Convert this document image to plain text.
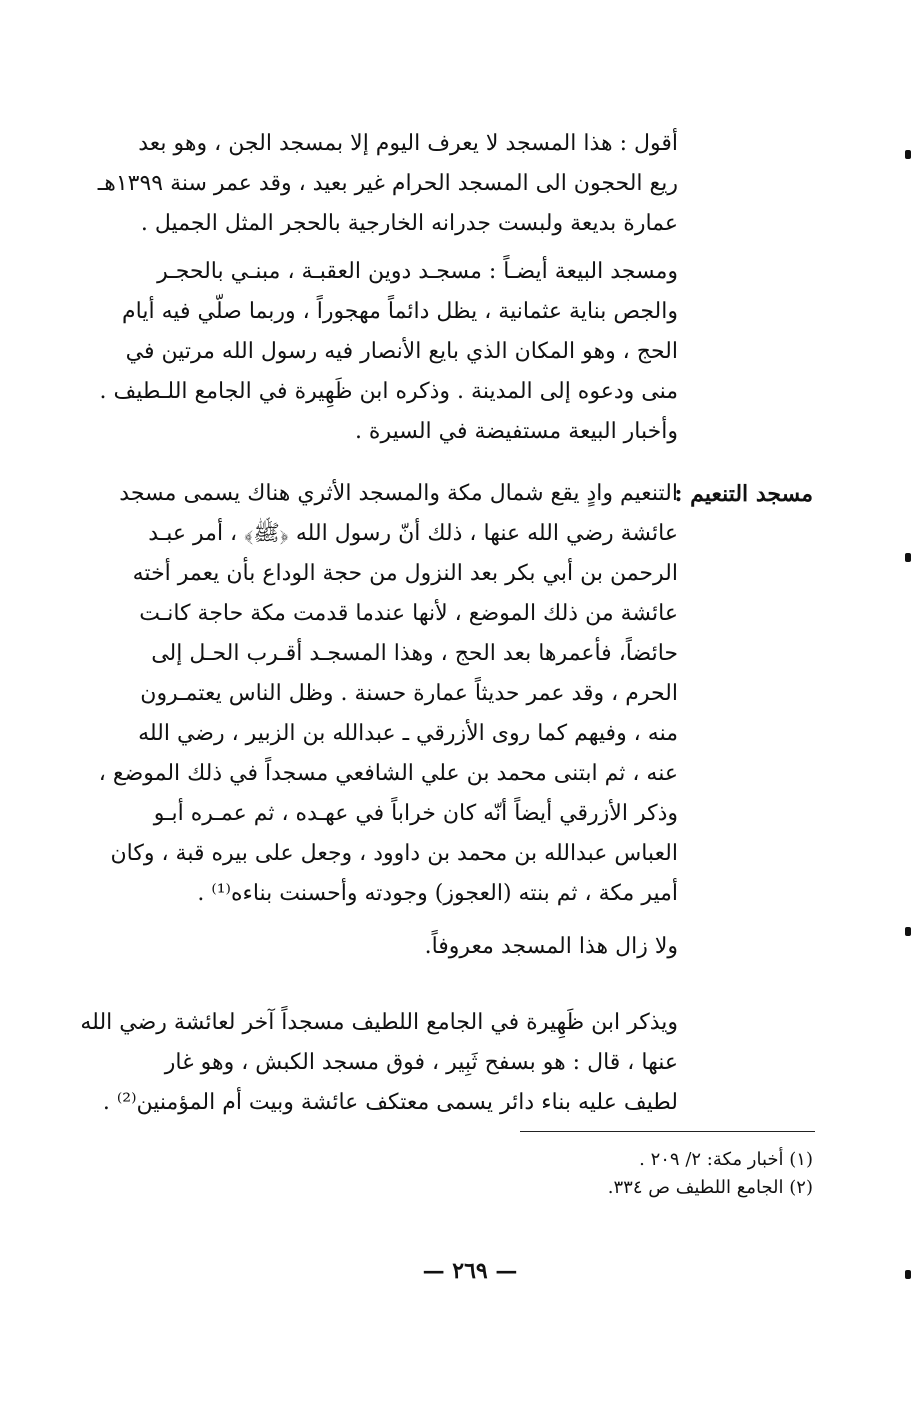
أقول : هذا المسجد لا يعرف اليوم إلا بمسجد الجن ، وهو بعد
ريع الحجون الى المسجد الحرام غير بعيد ، وقد عمر سنة ١٣٩٩هـ
عمارة بديعة ولبست جدرانه الخارجية بالحجر المثل الجميل .
ومسجد البيعة أيضـاً : مسجـد دوين العقبـة ، مبنـي بالحجـر
والجص بناية عثمانية ، يظل دائماً مهجوراً ، وربما صلّي فيه أيام
الحج ، وهو المكان الذي بايع الأنصار فيه رسول الله مرتين في
منى ودعوه إلى المدينة . وذكره ابن ظَهِيرة في الجامع اللـطيف .
وأخبار البيعة مستفيضة في السيرة .
مسجد التنعيم :
التنعيم وادٍ يقع شمال مكة والمسجد الأثري هناك يسمى مسجد
عائشة رضي الله عنها ، ذلك أنّ رسول الله ﴿ﷺ﴾ ، أمر عبـد
الرحمن بن أبي بكر بعد النزول من حجة الوداع بأن يعمر أخته
عائشة من ذلك الموضع ، لأنها عندما قدمت مكة حاجة كانـت
حائضاً، فأعمرها بعد الحج ، وهذا المسجـد أقـرب الحـل إلى
الحرم ، وقد عمر حديثاً عمارة حسنة . وظل الناس يعتمـرون
منه ، وفيهم كما روى الأزرقي ـ عبدالله بن الزبير ، رضي الله
عنه ، ثم ابتنى محمد بن علي الشافعي مسجداً في ذلك الموضع ،
وذكر الأزرقي أيضاً أنّه كان خراباً في عهـده ، ثم عمـره أبـو
العباس عبدالله بن محمد بن داوود ، وجعل على بيره قبة ، وكان
أمير مكة ، ثم بنته (العجوز) وجودته وأحسنت بناءه⁽¹⁾ .
ولا زال هذا المسجد معروفاً.
ويذكر ابن ظَهِيرة في الجامع اللطيف مسجداً آخر لعائشة رضي الله
عنها ، قال : هو بسفح ثَبِير ، فوق مسجد الكبش ، وهو غار
لطيف عليه بناء دائر يسمى معتكف عائشة وبيت أم المؤمنين⁽²⁾ .
(١) أخبار مكة: ٢/ ٢٠٩ .
(٢) الجامع اللطيف ص ٣٣٤.
— ٢٦٩ —
